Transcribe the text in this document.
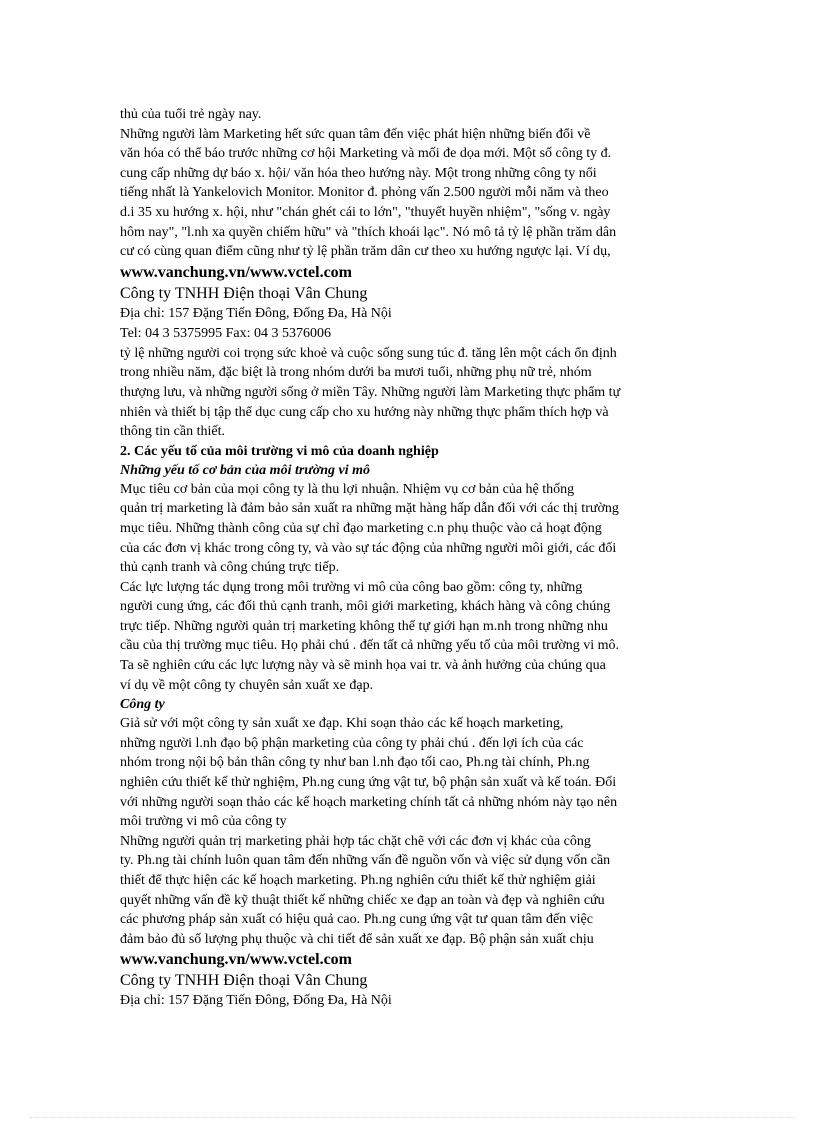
thủ của tuổi trẻ ngày nay.

Những người làm Marketing hết sức quan tâm đến việc phát hiện những biến đổi về

văn hóa có thể báo trước những cơ hội Marketing và mối đe dọa mới. Một số công ty đ.

cung cấp những dự báo x. hội/ văn hóa theo hướng này. Một trong những công ty nổi

tiếng nhất là Yankelovich Monitor. Monitor đ. phỏng vấn 2.500 người mỗi năm và theo

d.i 35 xu hướng x. hội, như "chán ghét cái to lớn", "thuyết huyền nhiệm", "sống v. ngày

hôm nay", "l.nh xa quyền chiếm hữu" và "thích khoái lạc". Nó mô tả tỷ lệ phần trăm dân

cư có cùng quan điểm cũng như tỷ lệ phần trăm dân cư theo xu hướng ngược lại. Ví dụ,

www.vanchung.vn/www.vctel.com

Công ty TNHH Điện thoại Vân Chung

Địa chỉ: 157 Đặng Tiến Đông, Đống Đa, Hà Nội

Tel: 04 3 5375995 Fax: 04 3 5376006

tỷ lệ những người coi trọng sức khoẻ và cuộc sống sung túc đ. tăng lên một cách ổn định

trong nhiều năm, đặc biệt là trong nhóm dưới ba mươi tuổi, những phụ nữ trẻ, nhóm

thượng lưu, và những người sống ở miền Tây. Những người làm Marketing thực phẩm tự

nhiên và thiết bị tập thể dục cung cấp cho xu hướng này những thực phẩm thích hợp và

thông tin cần thiết.

2. Các yếu tố của môi trường vi mô của doanh nghiệp

Những yếu tố cơ bản của môi trường vi mô

Mục tiêu cơ bản của mọi công ty là thu lợi nhuận. Nhiệm vụ cơ bản của hệ thống

quản trị marketing là đảm bảo sản xuất ra những mặt hàng hấp dẫn đối với các thị trường

mục tiêu. Những thành công của sự chỉ đạo marketing c.n phụ thuộc vào cả hoạt động

của các đơn vị khác trong công ty, và vào sự tác động của những người môi giới, các đối

thủ cạnh tranh và công chúng trực tiếp.

Các lực lượng tác dụng trong môi trường vi mô của công bao gồm: công ty, những

người cung ứng, các đối thủ cạnh tranh, môi giới marketing, khách hàng và công chúng

trực tiếp. Những người quản trị marketing không thể tự giới hạn m.nh trong những nhu

cầu của thị trường mục tiêu. Họ phải chú . đến tất cả những yếu tố của môi trường vi mô.

Ta sẽ nghiên cứu các lực lượng này và sẽ minh họa vai tr. và ảnh hưởng của chúng qua

ví dụ về một công ty chuyên sản xuất xe đạp.

Công ty

Giả sử với một công ty sản xuất xe đạp. Khi soạn thảo các kế hoạch marketing,

những người l.nh đạo bộ phận marketing của công ty phải chú . đến lợi ích của các

nhóm trong nội bộ bản thân công ty như ban l.nh đạo tối cao, Ph.ng tài chính, Ph.ng

nghiên cứu thiết kế thử nghiệm, Ph.ng cung ứng vật tư, bộ phận sản xuất và kế toán. Đối

với những người soạn thảo các kế hoạch marketing chính tất cả những nhóm này tạo nên

môi trường vi mô của công ty

Những người quản trị marketing phải hợp tác chặt chẽ với các đơn vị khác của công

ty. Ph.ng tài chính luôn quan tâm đến những vấn đề nguồn vốn và việc sử dụng vốn cần

thiết để thực hiện các kế hoạch marketing. Ph.ng nghiên cứu thiết kế thử nghiệm giải

quyết những vấn đề kỹ thuật thiết kế những chiếc xe đạp an toàn và đẹp và nghiên cứu

các phương pháp sản xuất có hiệu quả cao. Ph.ng cung ứng vật tư quan tâm đến việc

đảm bảo đủ số lượng phụ thuộc và chi tiết để sản xuất xe đạp. Bộ phận sản xuất chịu

www.vanchung.vn/www.vctel.com

Công ty TNHH Điện thoại Vân Chung

Địa chỉ: 157 Đặng Tiến Đông, Đống Đa, Hà Nội
